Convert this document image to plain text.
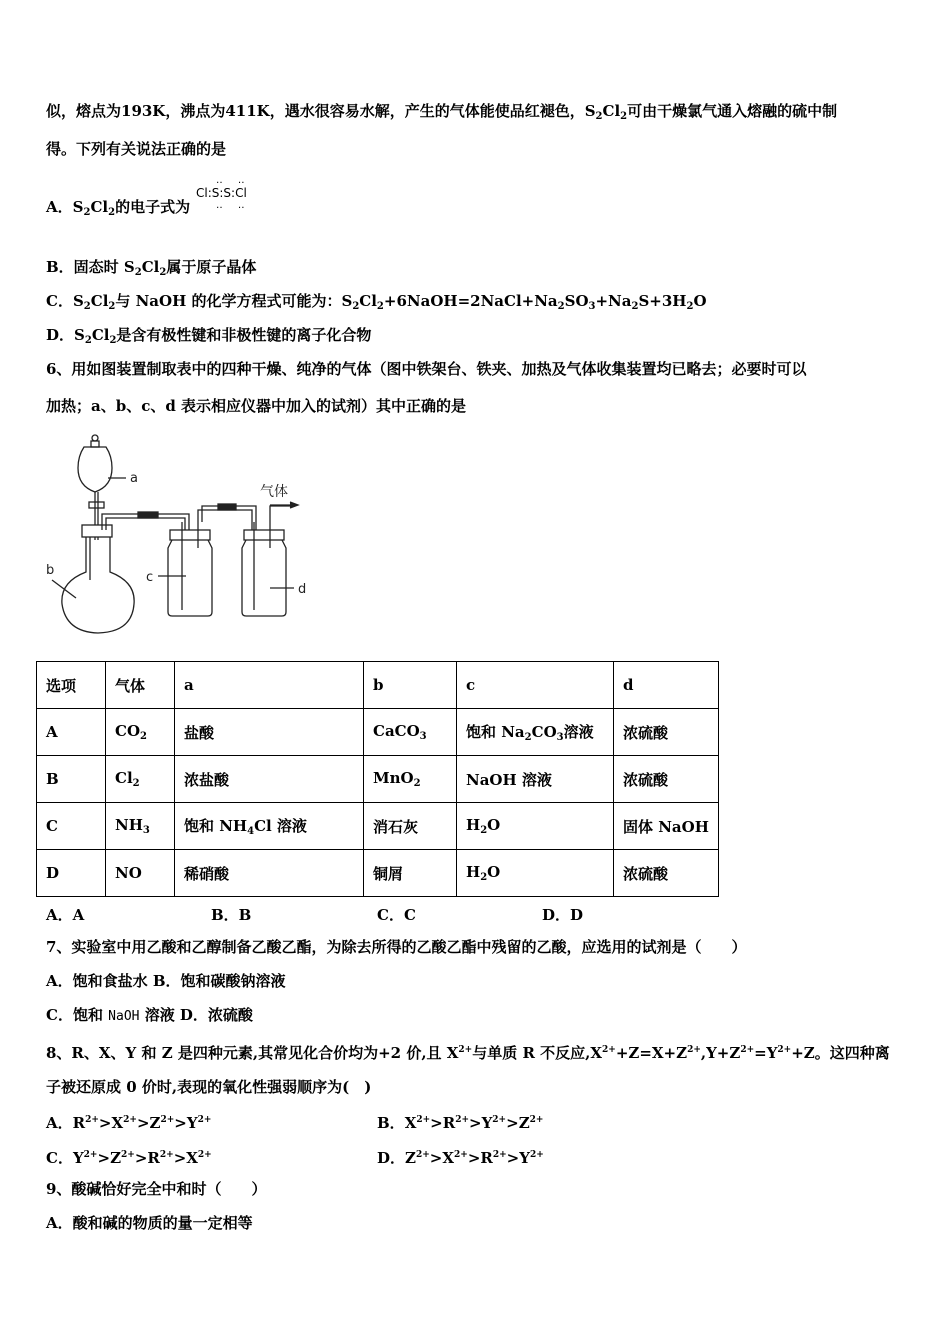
似，熔点为193K，沸点为411K，遇水很容易水解，产生的气体能使品红褪色，$S_2Cl_2$可由干燥氯气通入熔融的硫中制
得。下列有关说法正确的是
A．$S_2Cl_2$的电子式为
‥ ‥
Cl:S:S:Cl
‥ ‥
B．固态时 $S_2Cl_2$属于原子晶体
C．$S_2Cl_2$与 NaOH 的化学方程式可能为：$S_2Cl_2+6NaOH=2NaCl+Na_2SO_3+Na_2S+3H_2O$
D．$S_2Cl_2$是含有极性键和非极性键的离子化合物
6、用如图装置制取表中的四种干燥、纯净的气体（图中铁架台、铁夹、加热及气体收集装置均已略去；必要时可以
加热；a、b、c、d 表示相应仪器中加入的试剂）其中正确的是
a
b	c
d
气体
选项	气体	a	b	c	d
A	$CO_2$	盐酸	CaCO$_3$	饱和 $Na_2CO_3$溶液	浓硫酸
B	$Cl_2$	浓盐酸	MnO$_2$	NaOH 溶液	浓硫酸
C	$NH_3$	饱和 $NH_4Cl$ 溶液	消石灰	$H_2O$	固体 NaOH
D	NO	稀硝酸	铜屑	$H_2O$	浓硫酸
A．A	B．B	C．C	D．D
7、实验室中用乙酸和乙醇制备乙酸乙酯，为除去所得的乙酸乙酯中残留的乙酸，应选用的试剂是（　　）
A．饱和食盐水 B．饱和碳酸钠溶液
C．饱和 NaOH 溶液 D．浓硫酸
8、R、X、Y 和 Z 是四种元素,其常见化合价均为+2 价,且 $X^{2+}$与单质 R 不反应$,X^{2+}+Z=X+Z^{2+},Y+Z^{2+}=Y^{2+}+Z$。这四种离
子被还原成 0 价时,表现的氧化性强弱顺序为(　)
A．$R^{2+}>X^{2+}>Z^{2+}>Y^{2+}$	B．$X^{2+}>R^{2+}>Y^{2+}>Z^{2+}$
C．$Y^{2+}>Z^{2+}>R^{2+}>X^{2+}$	D．$Z^{2+}>X^{2+}>R^{2+}>Y^{2+}$
9、酸碱恰好完全中和时（　　）
A．酸和碱的物质的量一定相等
